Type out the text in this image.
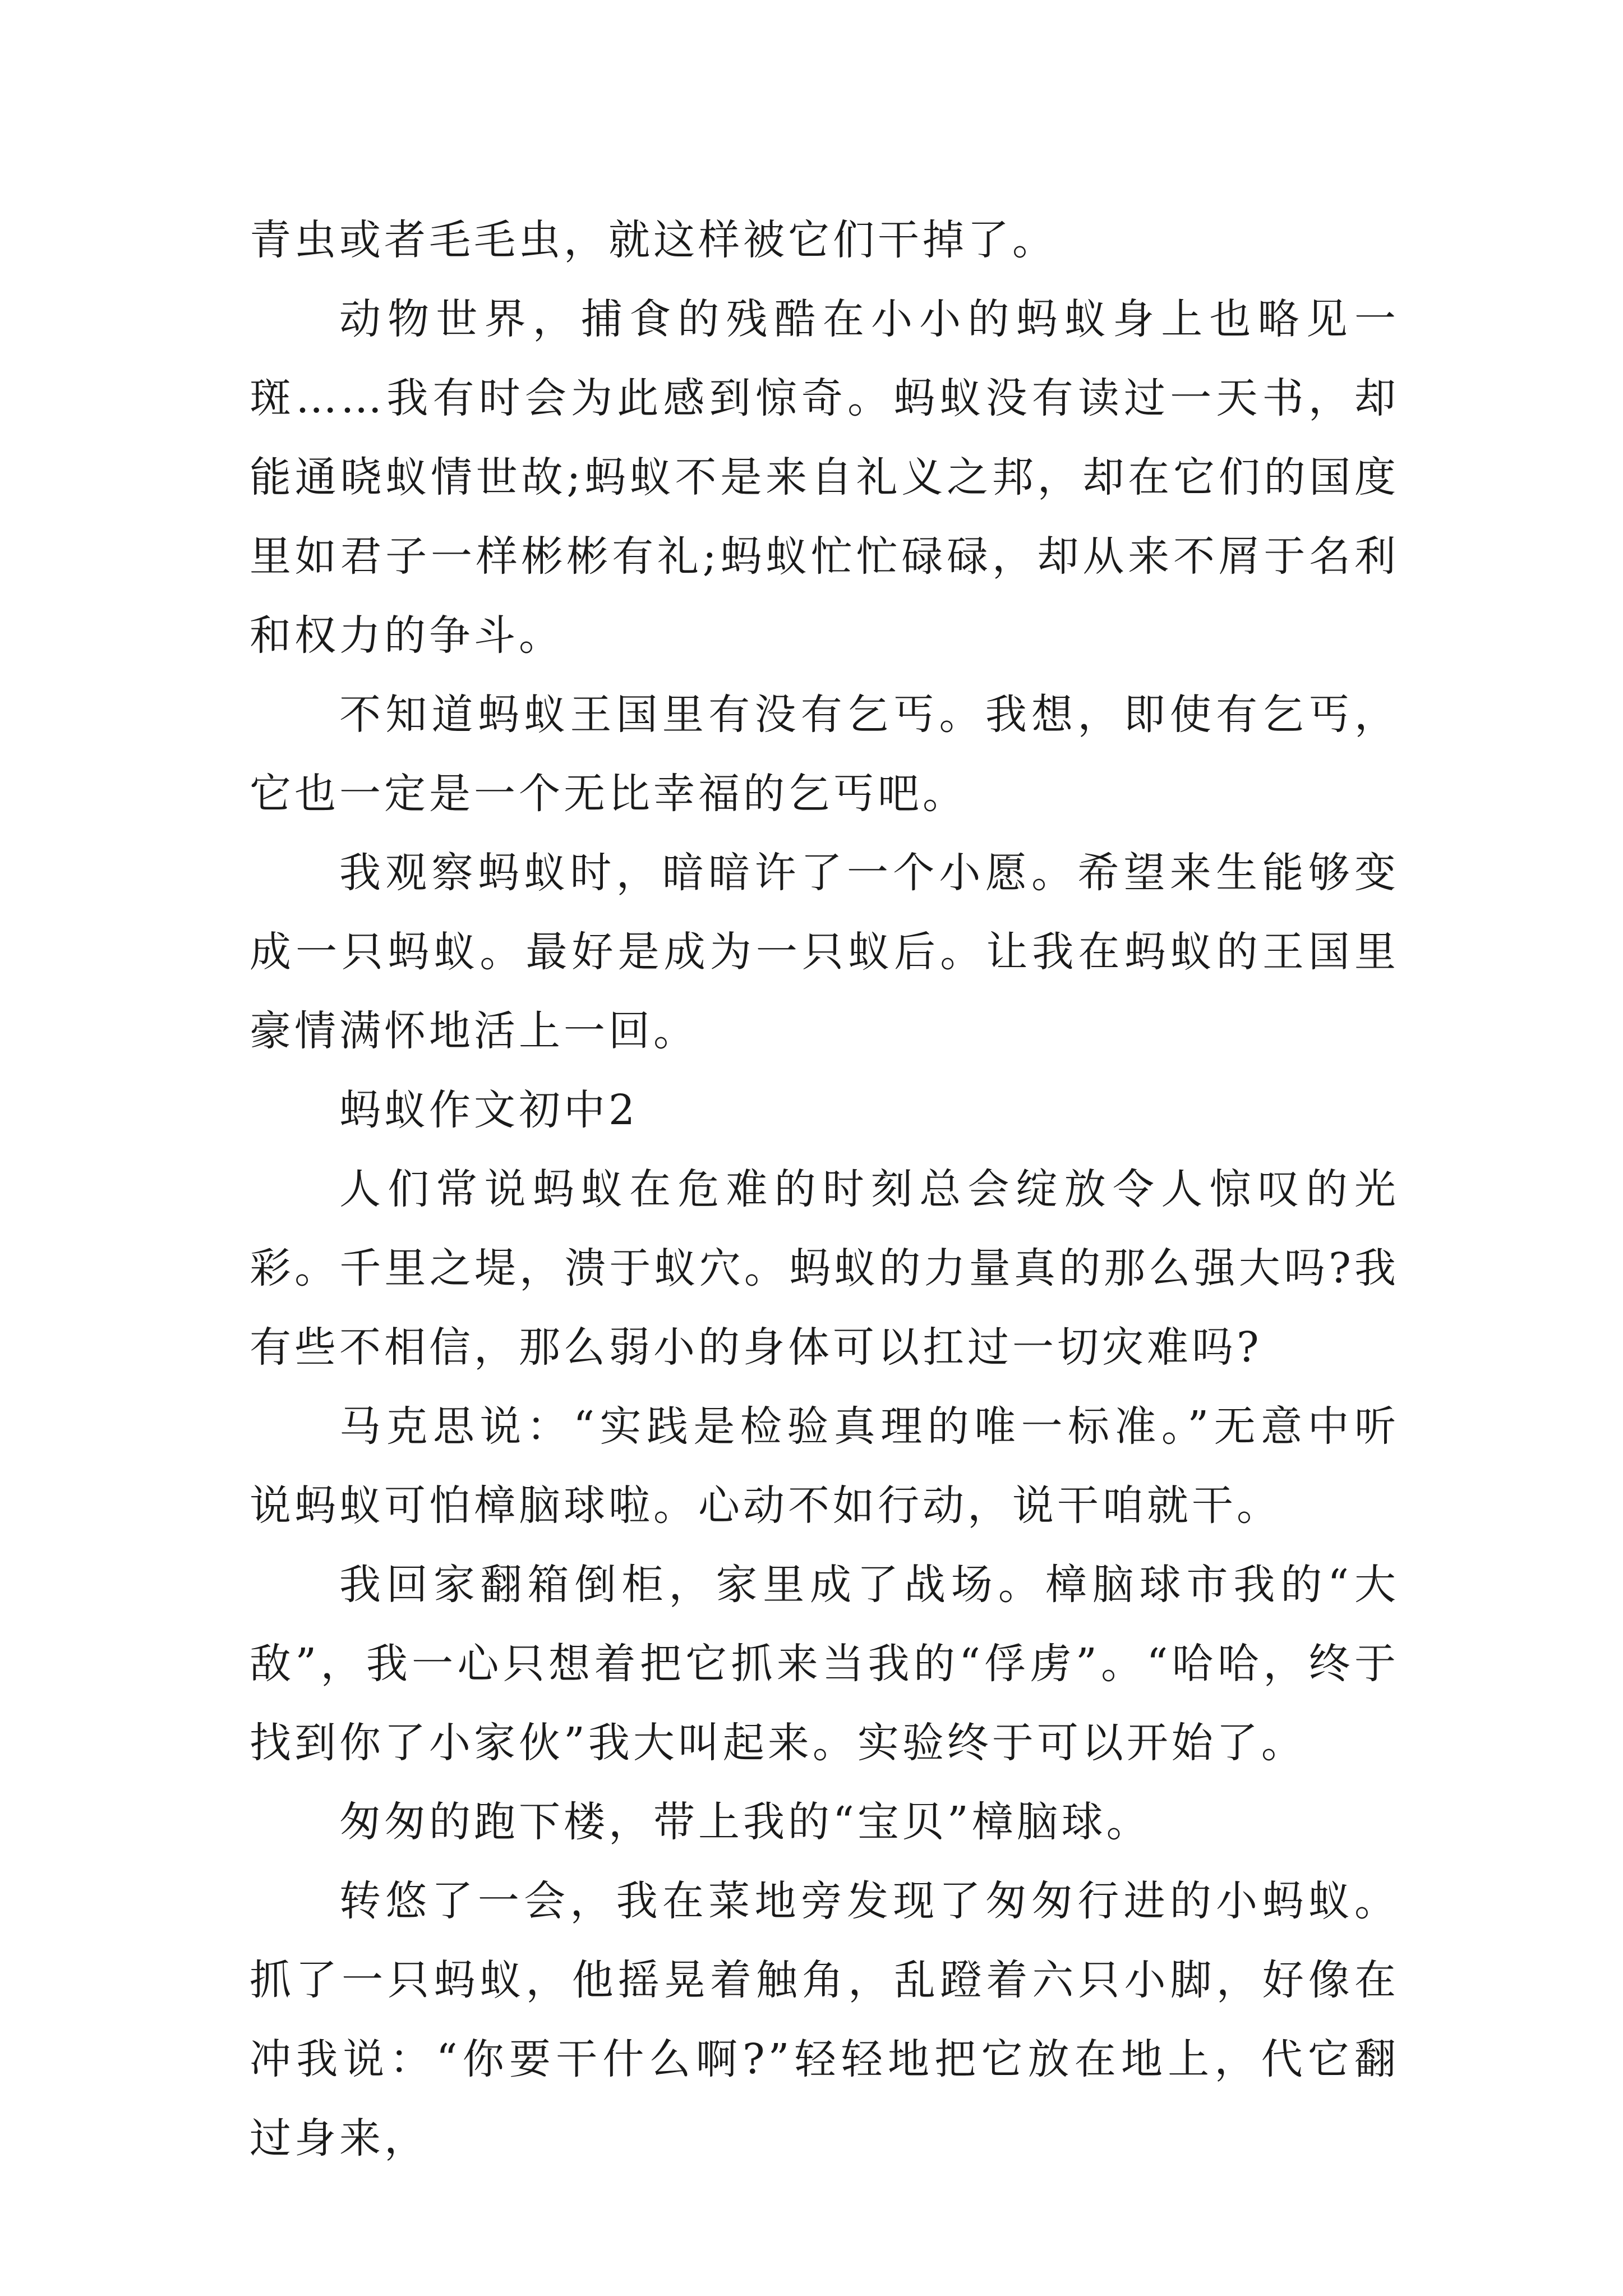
青虫或者毛毛虫，就这样被它们干掉了。

动物世界，捕食的残酷在小小的蚂蚁身上也略见一斑……我有时会为此感到惊奇。蚂蚁没有读过一天书，却能通晓蚁情世故;蚂蚁不是来自礼义之邦，却在它们的国度里如君子一样彬彬有礼;蚂蚁忙忙碌碌，却从来不屑于名利和权力的争斗。

不知道蚂蚁王国里有没有乞丐。我想，即使有乞丐，它也一定是一个无比幸福的乞丐吧。

我观察蚂蚁时，暗暗许了一个小愿。希望来生能够变成一只蚂蚁。最好是成为一只蚁后。让我在蚂蚁的王国里豪情满怀地活上一回。

蚂蚁作文初中2

人们常说蚂蚁在危难的时刻总会绽放令人惊叹的光彩。千里之堤，溃于蚁穴。蚂蚁的力量真的那么强大吗?我有些不相信，那么弱小的身体可以扛过一切灾难吗?

马克思说：“实践是检验真理的唯一标准。”无意中听说蚂蚁可怕樟脑球啦。心动不如行动，说干咱就干。

我回家翻箱倒柜，家里成了战场。樟脑球市我的“大敌”，我一心只想着把它抓来当我的“俘虏”。“哈哈，终于找到你了小家伙”我大叫起来。实验终于可以开始了。

匆匆的跑下楼，带上我的“宝贝”樟脑球。

转悠了一会，我在菜地旁发现了匆匆行进的小蚂蚁。抓了一只蚂蚁，他摇晃着触角，乱蹬着六只小脚，好像在冲我说：“你要干什么啊?”轻轻地把它放在地上，代它翻过身来，
